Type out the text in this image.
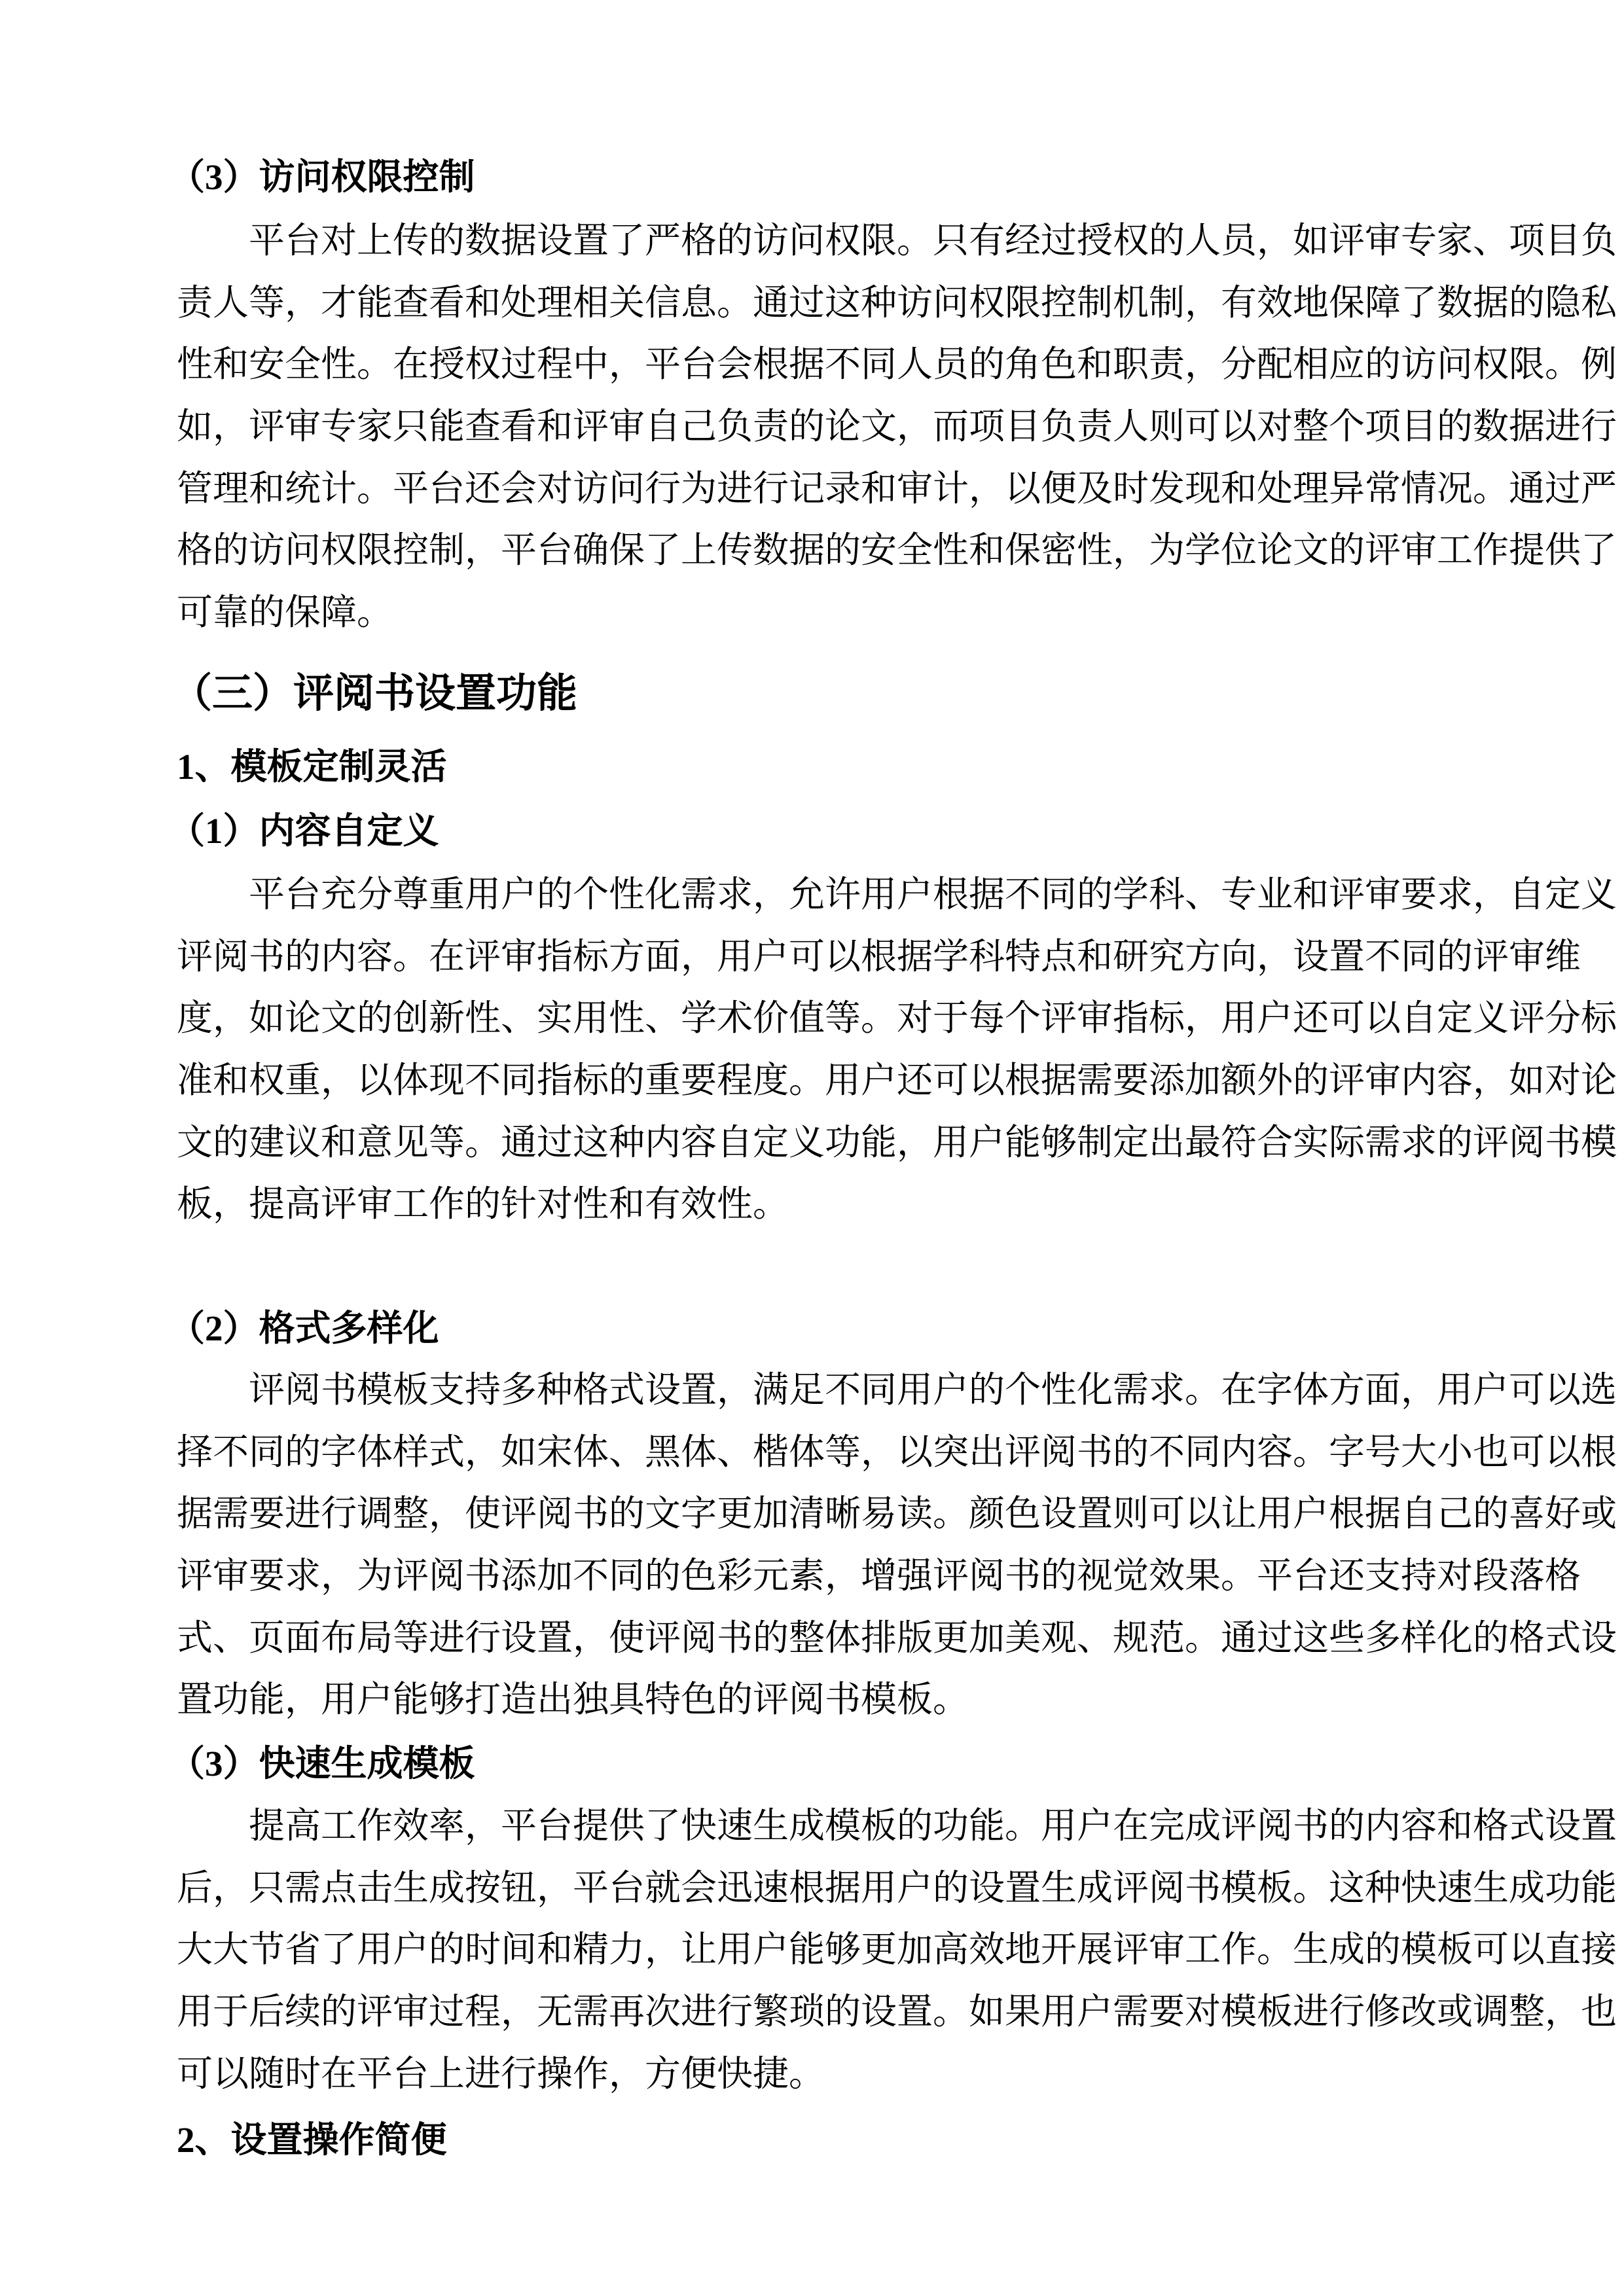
（3）访问权限控制
平台对上传的数据设置了严格的访问权限。只有经过授权的人员，如评审专家、项目负
责人等，才能查看和处理相关信息。通过这种访问权限控制机制，有效地保障了数据的隐私
性和安全性。在授权过程中，平台会根据不同人员的角色和职责，分配相应的访问权限。例
如，评审专家只能查看和评审自己负责的论文，而项目负责人则可以对整个项目的数据进行
管理和统计。平台还会对访问行为进行记录和审计，以便及时发现和处理异常情况。通过严
格的访问权限控制，平台确保了上传数据的安全性和保密性，为学位论文的评审工作提供了
可靠的保障。
（三）评阅书设置功能
1、模板定制灵活
（1）内容自定义
平台充分尊重用户的个性化需求，允许用户根据不同的学科、专业和评审要求，自定义
评阅书的内容。在评审指标方面，用户可以根据学科特点和研究方向，设置不同的评审维
度，如论文的创新性、实用性、学术价值等。对于每个评审指标，用户还可以自定义评分标
准和权重，以体现不同指标的重要程度。用户还可以根据需要添加额外的评审内容，如对论
文的建议和意见等。通过这种内容自定义功能，用户能够制定出最符合实际需求的评阅书模
板，提高评审工作的针对性和有效性。
（2）格式多样化
评阅书模板支持多种格式设置，满足不同用户的个性化需求。在字体方面，用户可以选
择不同的字体样式，如宋体、黑体、楷体等，以突出评阅书的不同内容。字号大小也可以根
据需要进行调整，使评阅书的文字更加清晰易读。颜色设置则可以让用户根据自己的喜好或
评审要求，为评阅书添加不同的色彩元素，增强评阅书的视觉效果。平台还支持对段落格
式、页面布局等进行设置，使评阅书的整体排版更加美观、规范。通过这些多样化的格式设
置功能，用户能够打造出独具特色的评阅书模板。
（3）快速生成模板
提高工作效率，平台提供了快速生成模板的功能。用户在完成评阅书的内容和格式设置
后，只需点击生成按钮，平台就会迅速根据用户的设置生成评阅书模板。这种快速生成功能
大大节省了用户的时间和精力，让用户能够更加高效地开展评审工作。生成的模板可以直接
用于后续的评审过程，无需再次进行繁琐的设置。如果用户需要对模板进行修改或调整，也
可以随时在平台上进行操作，方便快捷。
2、设置操作简便
